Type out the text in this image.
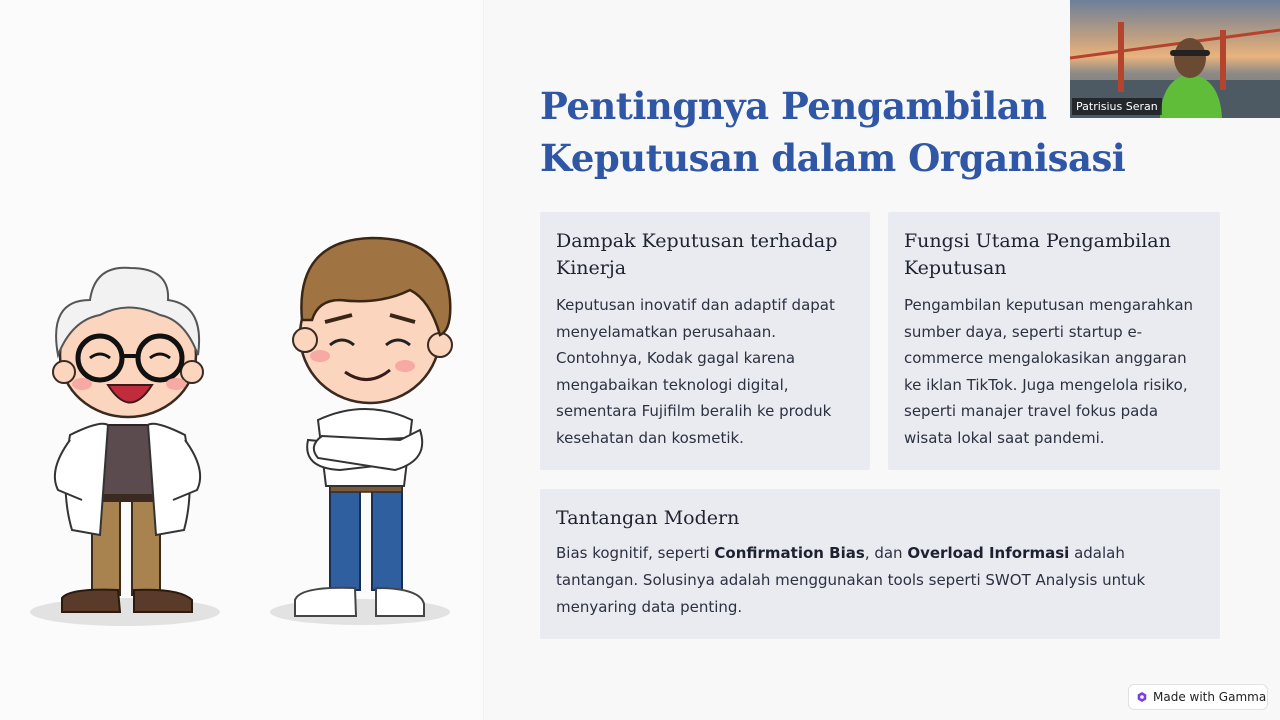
Pentingnya Pengambilan
Keputusan dalam Organisasi
Dampak Keputusan terhadap Kinerja

Keputusan inovatif dan adaptif dapat menyelamatkan perusahaan. Contohnya, Kodak gagal karena mengabaikan teknologi digital, sementara Fujifilm beralih ke produk kesehatan dan kosmetik.

Fungsi Utama Pengambilan Keputusan

Pengambilan keputusan mengarahkan sumber daya, seperti startup e-commerce mengalokasikan anggaran ke iklan TikTok. Juga mengelola risiko, seperti manajer travel fokus pada wisata lokal saat pandemi.

Tantangan Modern

Bias kognitif, seperti Confirmation Bias, dan Overload Informasi adalah tantangan. Solusinya adalah menggunakan tools seperti SWOT Analysis untuk menyaring data penting.

Patrisius Seran
Made with Gamma
